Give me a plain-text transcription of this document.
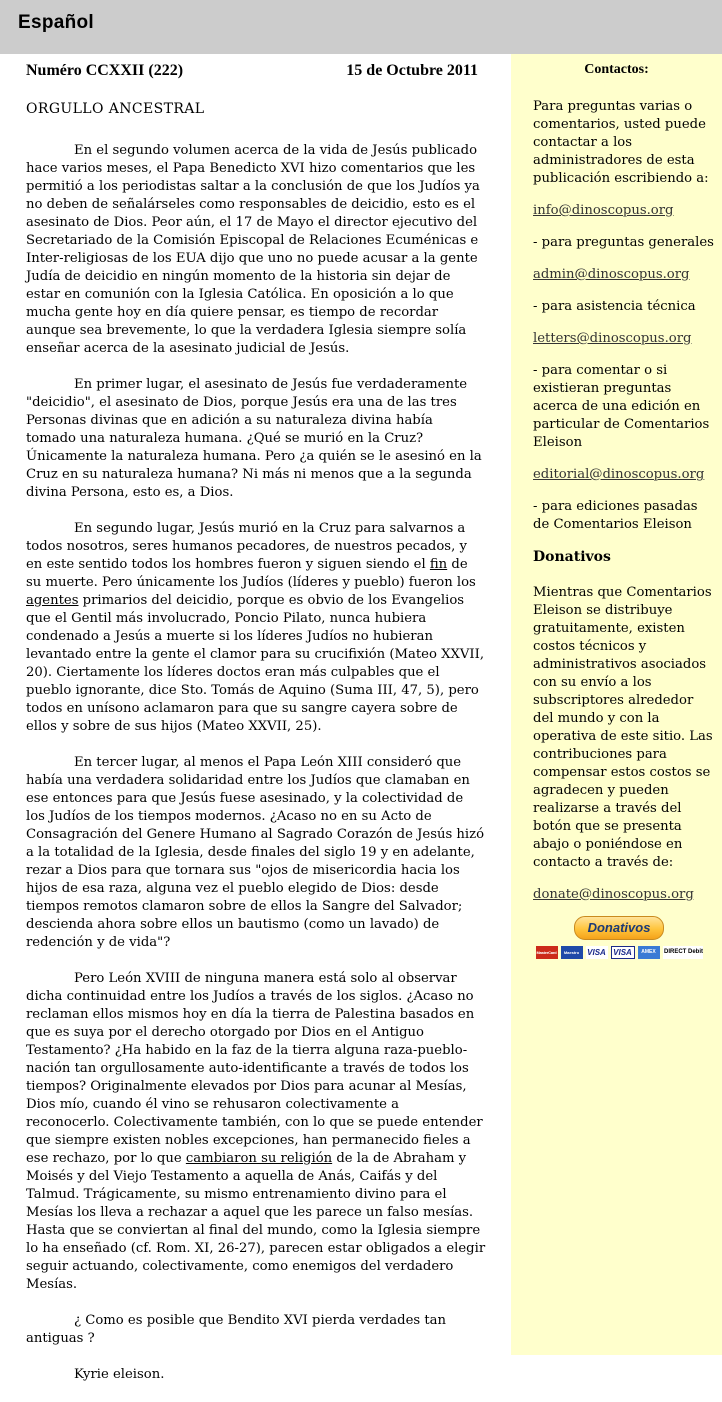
Español
Numéro CCXXII (222)	15 de Octubre 2011
ORGULLO ANCESTRAL

En el segundo volumen acerca de la vida de Jesús publicado hace varios meses, el Papa Benedicto XVI hizo comentarios que les permitió a los periodistas saltar a la conclusión de que los Judíos ya no deben de señalárseles como responsables de deicidio, esto es el asesinato de Dios. Peor aún, el 17 de Mayo el director ejecutivo del Secretariado de la Comisión Episcopal de Relaciones Ecuménicas e Inter-religiosas de los EUA dijo que uno no puede acusar a la gente Judía de deicidio en ningún momento de la historia sin dejar de estar en comunión con la Iglesia Católica. En oposición a lo que mucha gente hoy en día quiere pensar, es tiempo de recordar aunque sea brevemente, lo que la verdadera Iglesia siempre solía enseñar acerca de la asesinato judicial de Jesús.

En primer lugar, el asesinato de Jesús fue verdaderamente "deicidio", el asesinato de Dios, porque Jesús era una de las tres Personas divinas que en adición a su naturaleza divina había tomado una naturaleza humana. ¿Qué se murió en la Cruz? Únicamente la naturaleza humana. Pero ¿a quién se le asesinó en la Cruz en su naturaleza humana? Ni más ni menos que a la segunda divina Persona, esto es, a Dios.

En segundo lugar, Jesús murió en la Cruz para salvarnos a todos nosotros, seres humanos pecadores, de nuestros pecados, y en este sentido todos los hombres fueron y siguen siendo el fin de su muerte. Pero únicamente los Judíos (líderes y pueblo) fueron los agentes primarios del deicidio, porque es obvio de los Evangelios que el Gentil más involucrado, Poncio Pilato, nunca hubiera condenado a Jesús a muerte si los líderes Judíos no hubieran levantado entre la gente el clamor para su crucifixión (Mateo XXVII, 20). Ciertamente los líderes doctos eran más culpables que el pueblo ignorante, dice Sto. Tomás de Aquino (Suma III, 47, 5), pero todos en unísono aclamaron para que su sangre cayera sobre de ellos y sobre de sus hijos (Mateo XXVII, 25).

En tercer lugar, al menos el Papa León XIII consideró que había una verdadera solidaridad entre los Judíos que clamaban en ese entonces para que Jesús fuese asesinado, y la colectividad de los Judíos de los tiempos modernos. ¿Acaso no en su Acto de Consagración del Genere Humano al Sagrado Corazón de Jesús hizó a la totalidad de la Iglesia, desde finales del siglo 19 y en adelante, rezar a Dios para que tornara sus "ojos de misericordia hacia los hijos de esa raza, alguna vez el pueblo elegido de Dios: desde tiempos remotos clamaron sobre de ellos la Sangre del Salvador; descienda ahora sobre ellos un bautismo (como un lavado) de redención y de vida"?

Pero León XVIII de ninguna manera está solo al observar dicha continuidad entre los Judíos a través de los siglos. ¿Acaso no reclaman ellos mismos hoy en día la tierra de Palestina basados en que es suya por el derecho otorgado por Dios en el Antiguo Testamento? ¿Ha habido en la faz de la tierra alguna raza-pueblo-nación tan orgullosamente auto-identificante a través de todos los tiempos? Originalmente elevados por Dios para acunar al Mesías, Dios mío, cuando él vino se rehusaron colectivamente a reconocerlo. Colectivamente también, con lo que se puede entender que siempre existen nobles excepciones, han permanecido fieles a ese rechazo, por lo que cambiaron su religión de la de Abraham y Moisés y del Viejo Testamento a aquella de Anás, Caifás y del Talmud. Trágicamente, su mismo entrenamiento divino para el Mesías los lleva a rechazar a aquel que les parece un falso mesías. Hasta que se conviertan al final del mundo, como la Iglesia siempre lo ha enseñado (cf. Rom. XI, 26-27), parecen estar obligados a elegir seguir actuando, colectivamente, como enemigos del verdadero Mesías.

¿ Como es posible que Bendito XVI pierda verdades tan antiguas ?

Kyrie eleison.

Contactos:

Para preguntas varias o comentarios, usted puede contactar a los administradores de esta publicación escribiendo a:

info@dinoscopus.org

- para preguntas generales

admin@dinoscopus.org

- para asistencia técnica

letters@dinoscopus.org

- para comentar o si existieran preguntas acerca de una edición en particular de Comentarios Eleison

editorial@dinoscopus.org

- para ediciones pasadas de Comentarios Eleison

Donativos

Mientras que Comentarios Eleison se distribuye gratuitamente, existen costos técnicos y administrativos asociados con su envío a los subscriptores alrededor del mundo y con la operativa de este sitio. Las contribuciones para compensar estos costos se agradecen y pueden realizarse a través del botón que se presenta abajo o poniéndose en contacto a través de:

donate@dinoscopus.org

Donativos
MasterCard	Maestro VISA VISA	AMEX	DIRECT Debit
